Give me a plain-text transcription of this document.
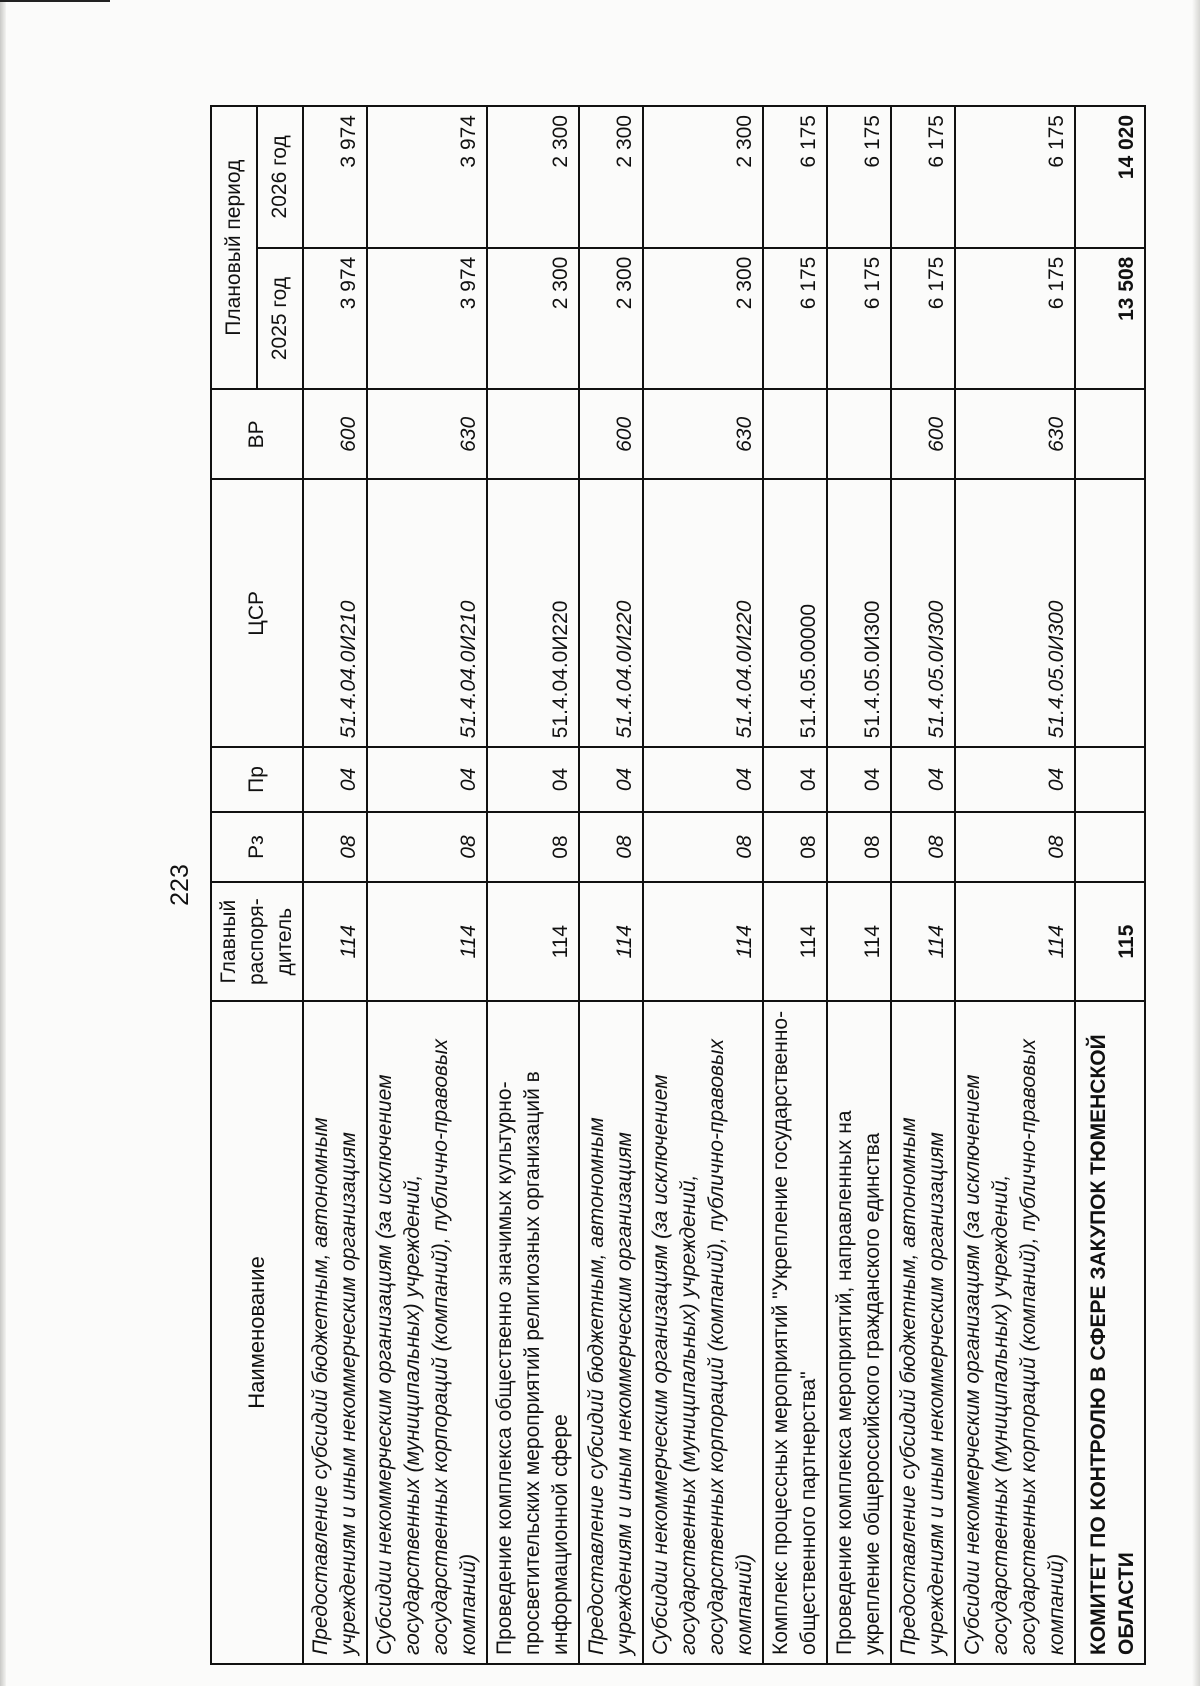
223
Наименование	Главный распоря-дитель	Рз	Пр	ЦСР	ВР	Плановый период	
						2025 год	2026 год
Предоставление субсидий бюджетным, автономным учреждениям и иным некоммерческим организациям	114	08	04	51.4.04.0И210	600	3 974	3 974
Субсидии некоммерческим организациям (за исключением государственных (муниципальных) учреждений, государственных корпораций (компаний), публично-правовых компаний)	114	08	04	51.4.04.0И210	630	3 974	3 974
Проведение комплекса общественно значимых культурно-просветительских мероприятий религиозных организаций в информационной сфере	114	08	04	51.4.04.0И220		2 300	2 300
Предоставление субсидий бюджетным, автономным учреждениям и иным некоммерческим организациям	114	08	04	51.4.04.0И220	600	2 300	2 300
Субсидии некоммерческим организациям (за исключением государственных (муниципальных) учреждений, государственных корпораций (компаний), публично-правовых компаний)	114	08	04	51.4.04.0И220	630	2 300	2 300
Комплекс процессных мероприятий "Укрепление государственно-общественного партнерства"	114	08	04	51.4.05.00000		6 175	6 175
Проведение комплекса мероприятий, направленных на укрепление общероссийского гражданского единства	114	08	04	51.4.05.0И300		6 175	6 175
Предоставление субсидий бюджетным, автономным учреждениям и иным некоммерческим организациям	114	08	04	51.4.05.0И300	600	6 175	6 175
Субсидии некоммерческим организациям (за исключением государственных (муниципальных) учреждений, государственных корпораций (компаний), публично-правовых компаний)	114	08	04	51.4.05.0И300	630	6 175	6 175
КОМИТЕТ ПО КОНТРОЛЮ В СФЕРЕ ЗАКУПОК ТЮМЕНСКОЙ ОБЛАСТИ	115					13 508	14 020
